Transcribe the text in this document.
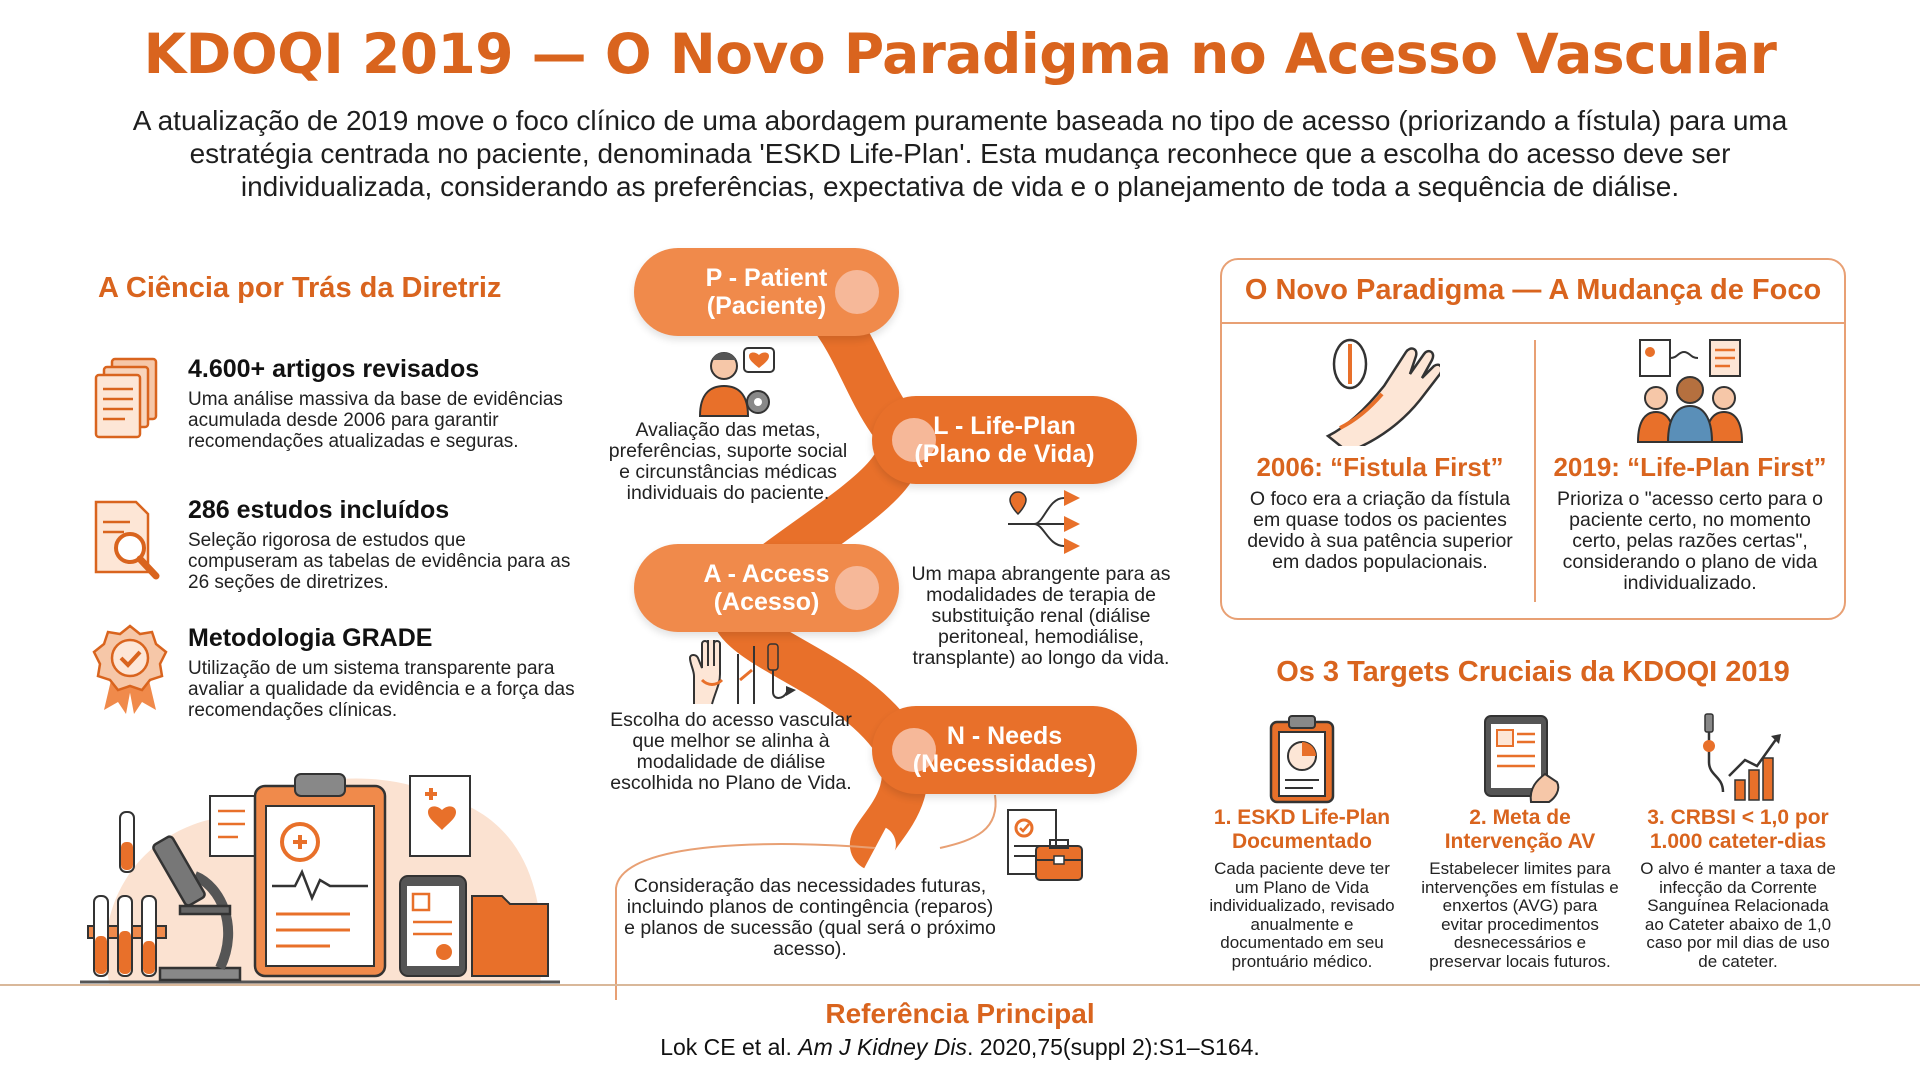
KDOQI 2019 — O Novo Paradigma no Acesso Vascular
A atualização de 2019 move o foco clínico de uma abordagem puramente baseada no tipo de acesso (priorizando a fístula) para uma estratégia centrada no paciente, denominada 'ESKD Life-Plan'. Esta mudança reconhece que a escolha do acesso deve ser individualizada, considerando as preferências, expectativa de vida e o planejamento de toda a sequência de diálise.
A Ciência por Trás da Diretriz
4.600+ artigos revisados

Uma análise massiva da base de evidências acumulada desde 2006 para garantir recomendações atualizadas e seguras.

286 estudos incluídos

Seleção rigorosa de estudos que compuseram as tabelas de evidência para as 26 seções de diretrizes.

Metodologia GRADE

Utilização de um sistema transparente para avaliar a qualidade da evidência e a força das recomendações clínicas.

P - Patient
(Paciente)
L - Life-Plan
(Plano de Vida)
A - Access
(Acesso)
N - Needs
(Necessidades)
Avaliação das metas, preferências, suporte social e circunstâncias médicas individuais do paciente.
Um mapa abrangente para as modalidades de terapia de substituição renal (diálise peritoneal, hemodiálise, transplante) ao longo da vida.
Escolha do acesso vascular que melhor se alinha à modalidade de diálise escolhida no Plano de Vida.
Consideração das necessidades futuras, incluindo planos de contingência (reparos) e planos de sucessão (qual será o próximo acesso).
O Novo Paradigma — A Mudança de Foco
2006: “Fistula First”

O foco era a criação da fístula em quase todos os pacientes devido à sua patência superior em dados populacionais.

2019: “Life-Plan First”

Prioriza o "acesso certo para o paciente certo, no momento certo, pelas razões certas", considerando o plano de vida individualizado.

Os 3 Targets Cruciais da KDOQI 2019
1. ESKD Life-Plan Documentado

Cada paciente deve ter um Plano de Vida individualizado, revisado anualmente e documentado em seu prontuário médico.

2. Meta de Intervenção AV

Estabelecer limites para intervenções em fístulas e enxertos (AVG) para evitar procedimentos desnecessários e preservar locais futuros.

3. CRBSI < 1,0 por 1.000 cateter-dias

O alvo é manter a taxa de infecção da Corrente Sanguínea Relacionada ao Cateter abaixo de 1,0 caso por mil dias de uso de cateter.

Referência Principal
Lok CE et al. Am J Kidney Dis. 2020,75(suppl 2):S1–S164.
